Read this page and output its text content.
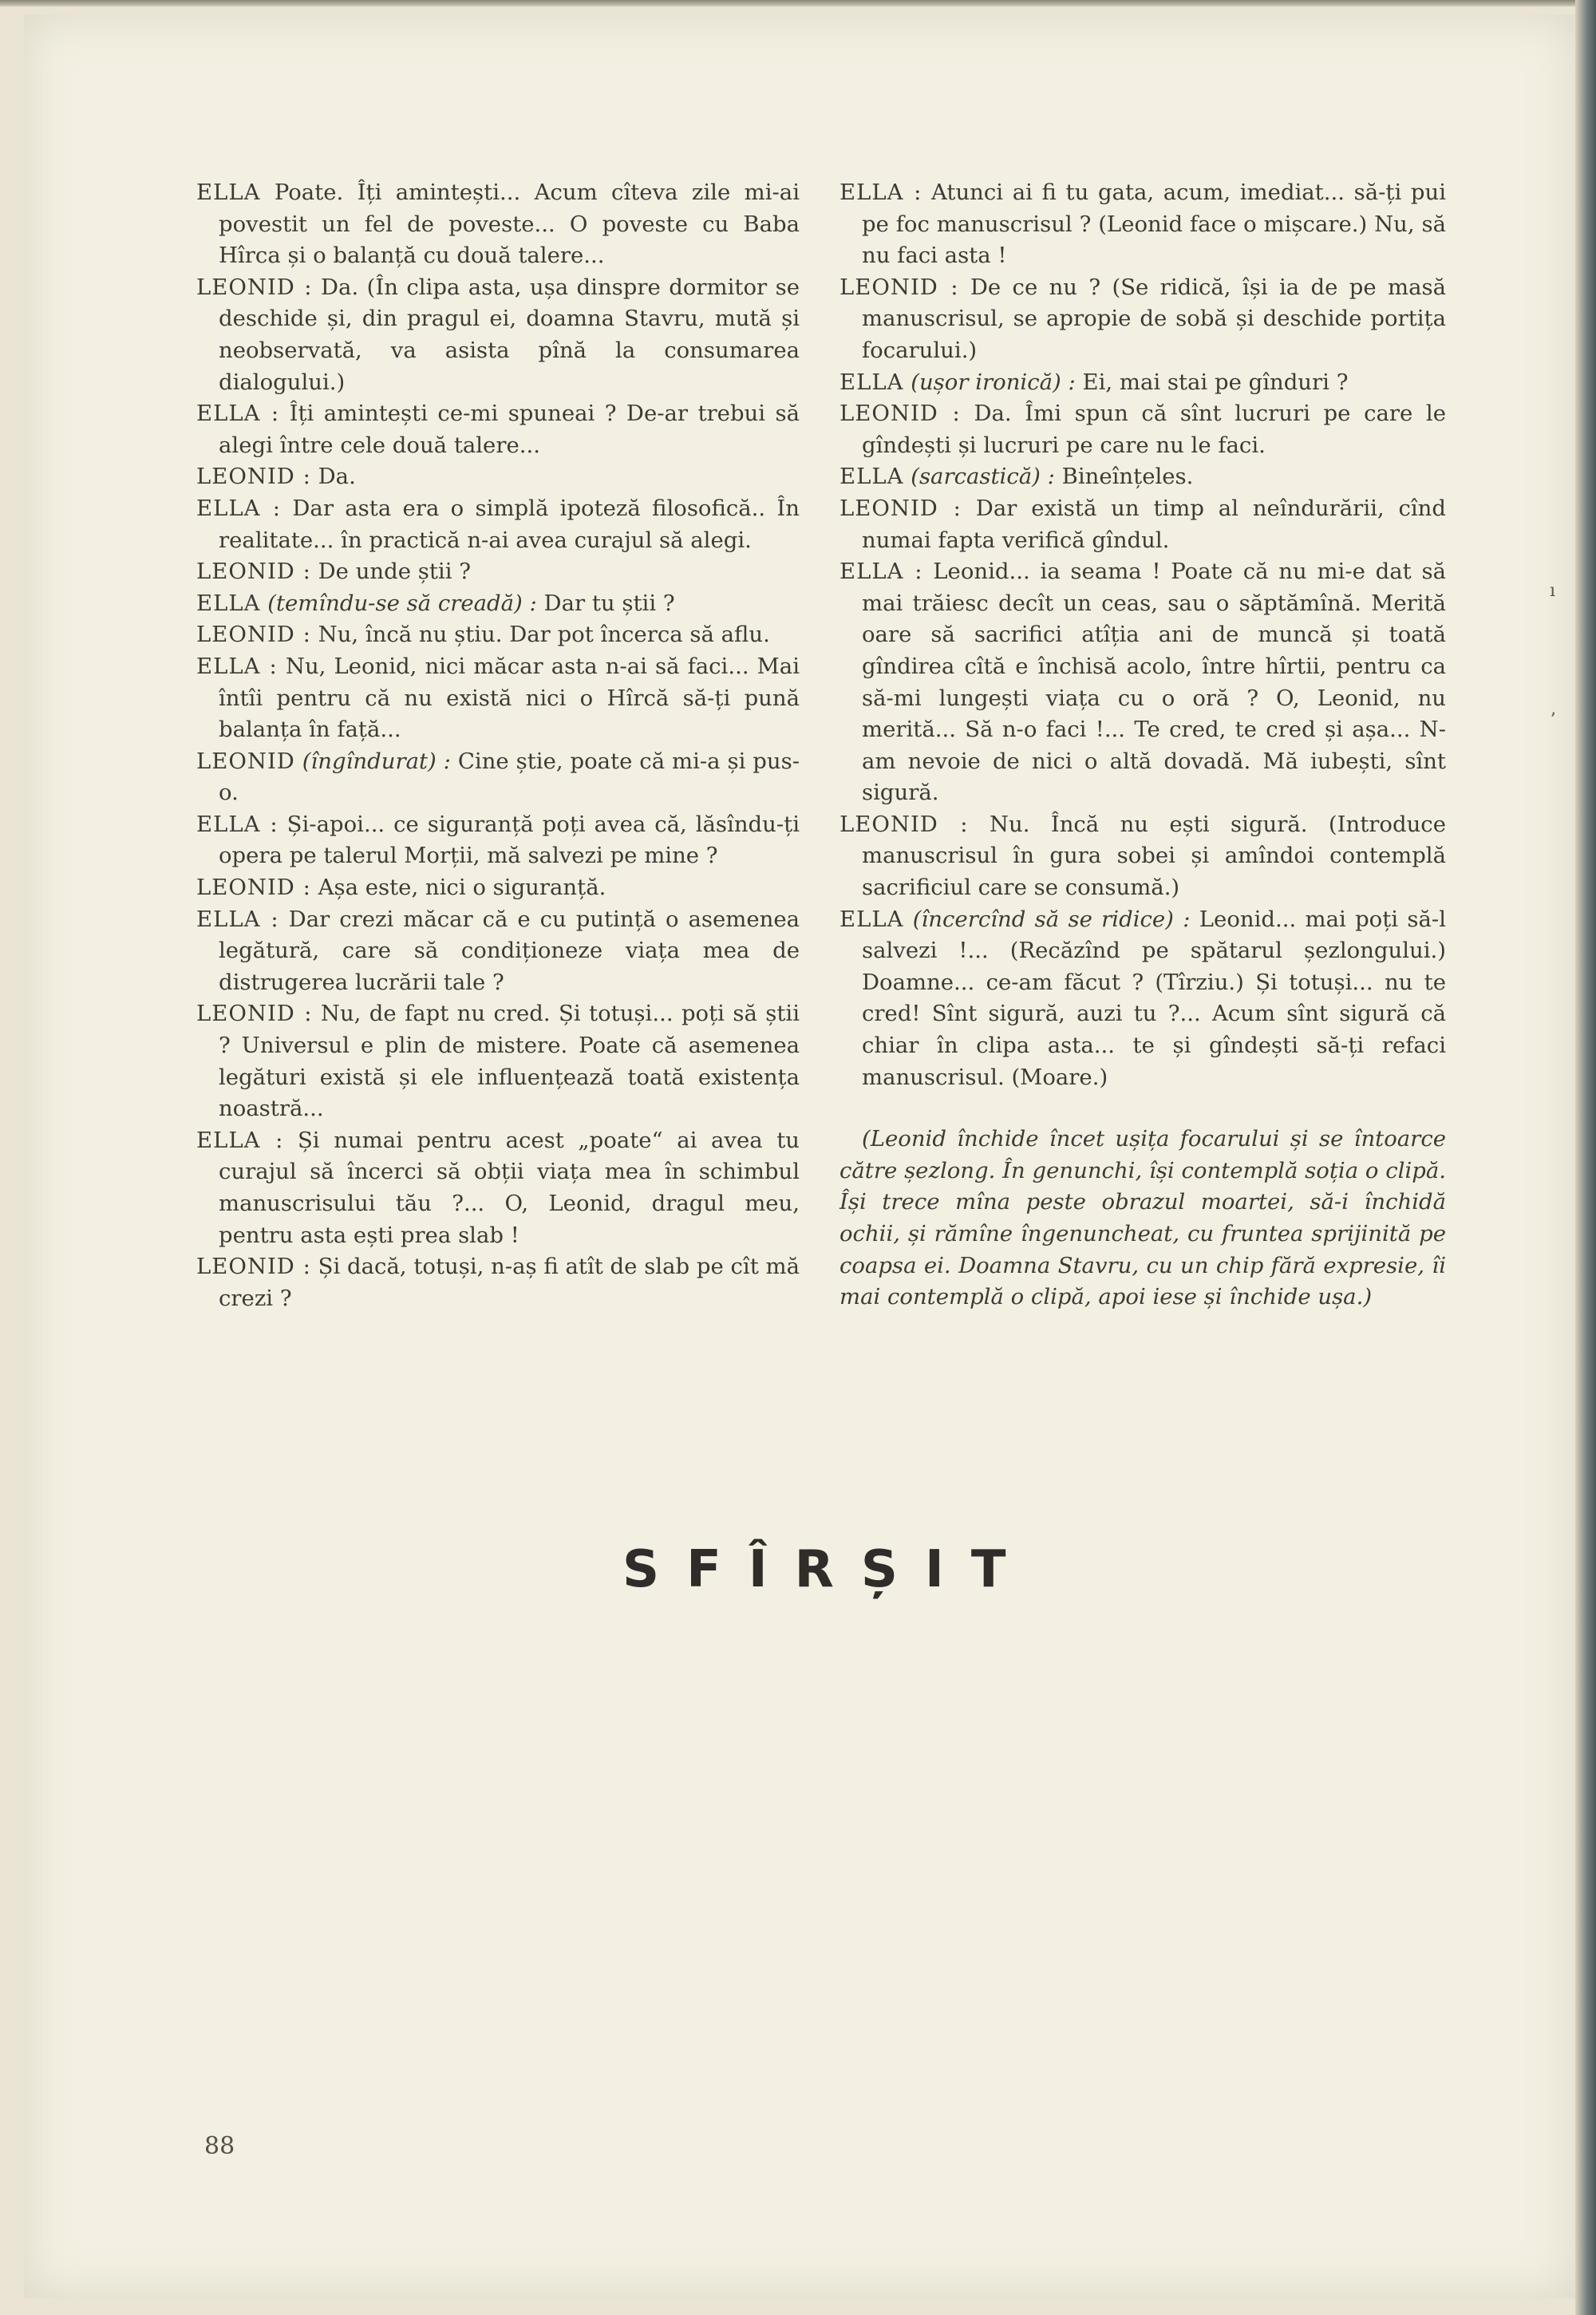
ELLA Poate. Îți amintești... Acum cîteva zile mi-ai povestit un fel de poveste... O poveste cu Baba Hîrca și o balanță cu două talere...

LEONID : Da. (În clipa asta, ușa dinspre dormitor se deschide și, din pragul ei, doamna Stavru, mută și neobservată, va asista pînă la consumarea dialogului.)

ELLA : Îți amintești ce-mi spuneai ? De-ar trebui să alegi între cele două talere...

LEONID : Da.

ELLA : Dar asta era o simplă ipoteză filosofică.. În realitate... în practică n-ai avea curajul să alegi.

LEONID : De unde știi ?

ELLA (temîndu-se să creadă) : Dar tu știi ?

LEONID : Nu, încă nu știu. Dar pot încerca să aflu.

ELLA : Nu, Leonid, nici măcar asta n-ai să faci... Mai întîi pentru că nu există nici o Hîrcă să-ți pună balanța în față...

LEONID (îngîndurat) : Cine știe, poate că mi-a și pus-o.

ELLA : Și-apoi... ce siguranță poți avea că, lăsîndu-ți opera pe talerul Morții, mă salvezi pe mine ?

LEONID : Așa este, nici o siguranță.

ELLA : Dar crezi măcar că e cu putință o asemenea legătură, care să condiționeze viața mea de distrugerea lucrării tale ?

LEONID : Nu, de fapt nu cred. Și totuși... poți să știi ? Universul e plin de mistere. Poate că asemenea legături există și ele influențează toată existența noastră...

ELLA : Și numai pentru acest „poate“ ai avea tu curajul să încerci să obții viața mea în schimbul manuscrisului tău ?... O, Leonid, dragul meu, pentru asta ești prea slab !

LEONID : Și dacă, totuși, n-aș fi atît de slab pe cît mă crezi ?

ELLA : Atunci ai fi tu gata, acum, imediat... să-ți pui pe foc manuscrisul ? (Leonid face o mișcare.) Nu, să nu faci asta !

LEONID : De ce nu ? (Se ridică, își ia de pe masă manuscrisul, se apropie de sobă și deschide portița focarului.)

ELLA (ușor ironică) : Ei, mai stai pe gînduri ?

LEONID : Da. Îmi spun că sînt lucruri pe care le gîndești și lucruri pe care nu le faci.

ELLA (sarcastică) : Bineînțeles.

LEONID : Dar există un timp al neîndurării, cînd numai fapta verifică gîndul.

ELLA : Leonid... ia seama ! Poate că nu mi-e dat să mai trăiesc decît un ceas, sau o săptămînă. Merită oare să sacrifici atîția ani de muncă și toată gîndirea cîtă e închisă acolo, între hîrtii, pentru ca să-mi lungești viața cu o oră ? O, Leonid, nu merită... Să n-o faci !... Te cred, te cred și așa... N-am nevoie de nici o altă dovadă. Mă iubești, sînt sigură.

LEONID : Nu. Încă nu ești sigură. (Introduce manuscrisul în gura sobei și amîndoi contemplă sacrificiul care se consumă.)

ELLA (încercînd să se ridice) : Leonid... mai poți să-l salvezi !... (Recăzînd pe spătarul șezlongului.) Doamne... ce-am făcut ? (Tîrziu.) Și totuși... nu te cred! Sînt sigură, auzi tu ?... Acum sînt sigură că chiar în clipa asta... te și gîndești să-ți refaci manuscrisul. (Moare.)

(Leonid închide încet ușița focarului și se întoarce către șezlong. În genunchi, își contemplă soția o clipă. Își trece mîna peste obrazul moartei, să-i închidă ochii, și rămîne îngenuncheat, cu fruntea sprijinită pe coapsa ei. Doamna Stavru, cu un chip fără expresie, îi mai contemplă o clipă, apoi iese și închide ușa.)

ı
ʼ
SFÎRȘIT
88
